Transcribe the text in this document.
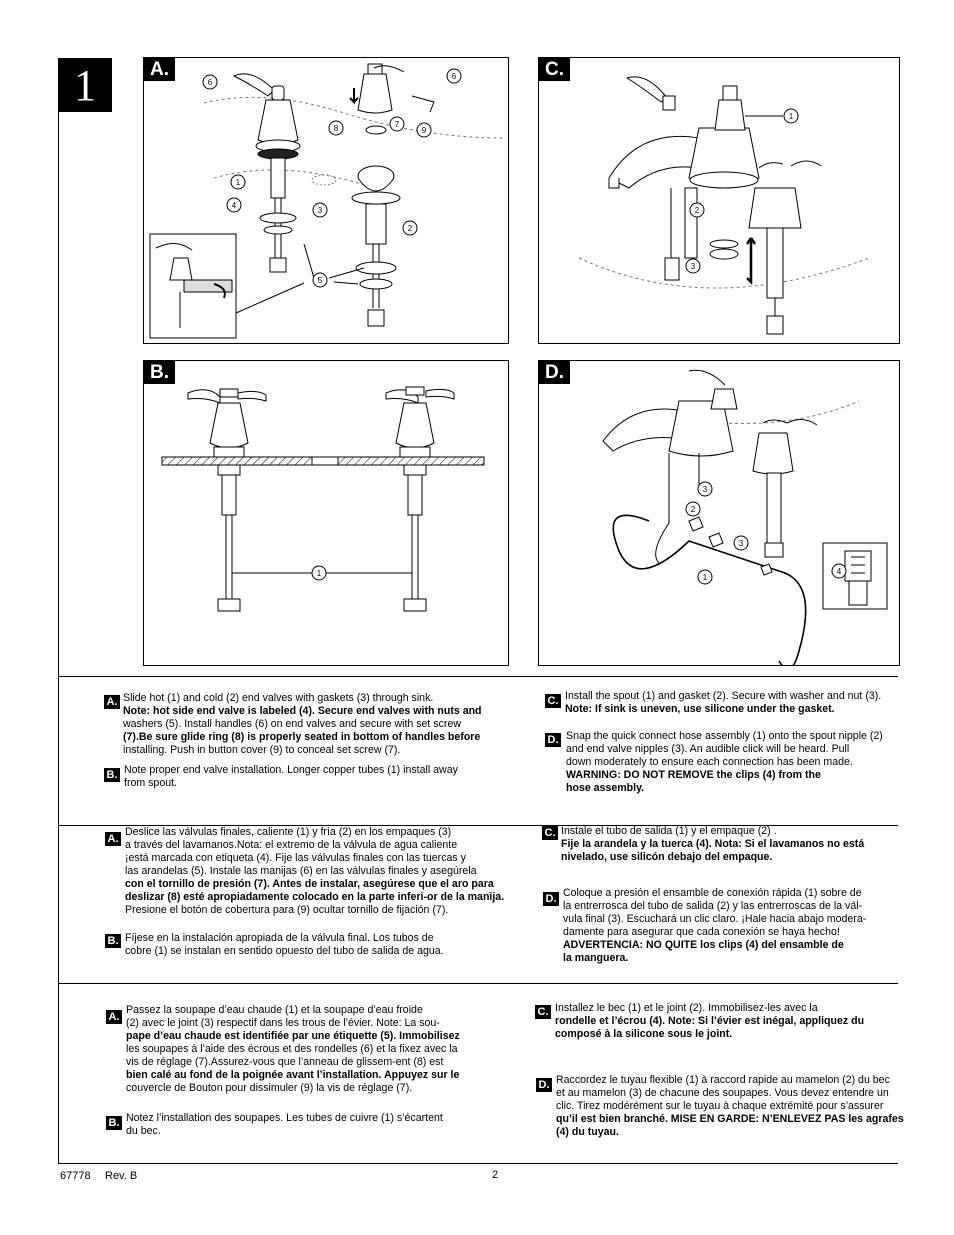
1	A.
6
6
8	7
9
1
4
3
2
5
C.
1
2
3
B.
1
D.
3
2
3
1
4
A. Slide hot (1) and cold (2) end valves with gaskets (3) through sink.
Note: hot side end valve is labeled (4). Secure end valves with nuts and
washers (5). Install handles (6) on end valves and secure with set screw
(7).Be sure glide ring (8) is properly seated in bottom of handles before
installing. Push in button cover (9) to conceal set screw (7).
B. Note proper end valve installation. Longer copper tubes (1) install away
from spout.
C. Install the spout (1) and gasket (2). Secure with washer and nut (3).
Note: If sink is uneven, use silicone under the gasket.
D. Snap the quick connect hose assembly (1) onto the spout nipple (2)
and end valve nipples (3). An audible click will be heard. Pull
down moderately to ensure each connection has been made.
WARNING: DO NOT REMOVE the clips (4) from the
hose assembly.
A.
Deslice las válvulas finales, caliente (1) y fría (2) en los empaques (3)
a través del lavamanos.Nota: el extremo de la válvula de agua caliente
¡está marcada con etiqueta (4). Fije las válvulas finales con las tuercas y
las arandelas (5). Instale las manijas (6) en las válvulas finales y asegúrela
con el tornillo de presión (7). Antes de instalar, asegúrese que el aro para
deslizar (8) esté apropiadamente colocado en la parte inferi-or de la manija.
Presione el botón de cobertura para (9) ocultar tornillo de fijación (7).
B. Fíjese en la instalación apropiada de la válvula final. Los tubos de
cobre (1) se instalan en sentido opuesto del tubo de salida de agua.
C. Instale el tubo de salida (1) y el empaque (2) .
Fije la arandela y la tuerca (4). Nota: Si el lavamanos no está
nivelado, use silicón debajo del empaque.
D. Coloque a presión el ensamble de conexión rápida (1) sobre de
la entrerrosca del tubo de salida (2) y las entrerroscas de la vál-
vula final (3). Escuchará un clic claro. ¡Hale hacia abajo modera-
damente para asegurar que cada conexión se haya hecho!
ADVERTENCIA: NO QUITE los clips (4) del ensamble de
la manguera.
A.
Passez la soupape d’eau chaude (1) et la soupape d’eau froide
(2) avec le joint (3) respectif dans les trous de l’évier. Note: La sou-
pape d’eau chaude est identifiée par une étiquette (5). Immobilisez
les soupapes à l’aide des écrous et des rondelles (6) et la fixez avec la
vis de réglage (7).Assurez-vous que l’anneau de glissem-ent (8) est
bien calé au fond de la poignée avant l’installation. Appuyez sur le
couvercle de Bouton pour dissimuler (9) la vis de réglage (7).
B. Notez l’installation des soupapes. Les tubes de cuivre (1) s’écartent
du bec.
C. Installez le bec (1) et le joint (2). Immobilisez-les avec la
rondelle et l’écrou (4). Note: Si l’évier est inégal, appliquez du
composé à la silicone sous le joint.
D. Raccordez le tuyau flexible (1) à raccord rapide au mamelon (2) du bec
et au mamelon (3) de chacune des soupapes. Vous devez entendre un
clic. Tirez modérément sur le tuyau à chaque extrémité pour s’assurer
qu’il est bien branché. MISE EN GARDE: N’ENLEVEZ PAS les agrafes
(4) du tuyau.
67778 Rev. B	2
